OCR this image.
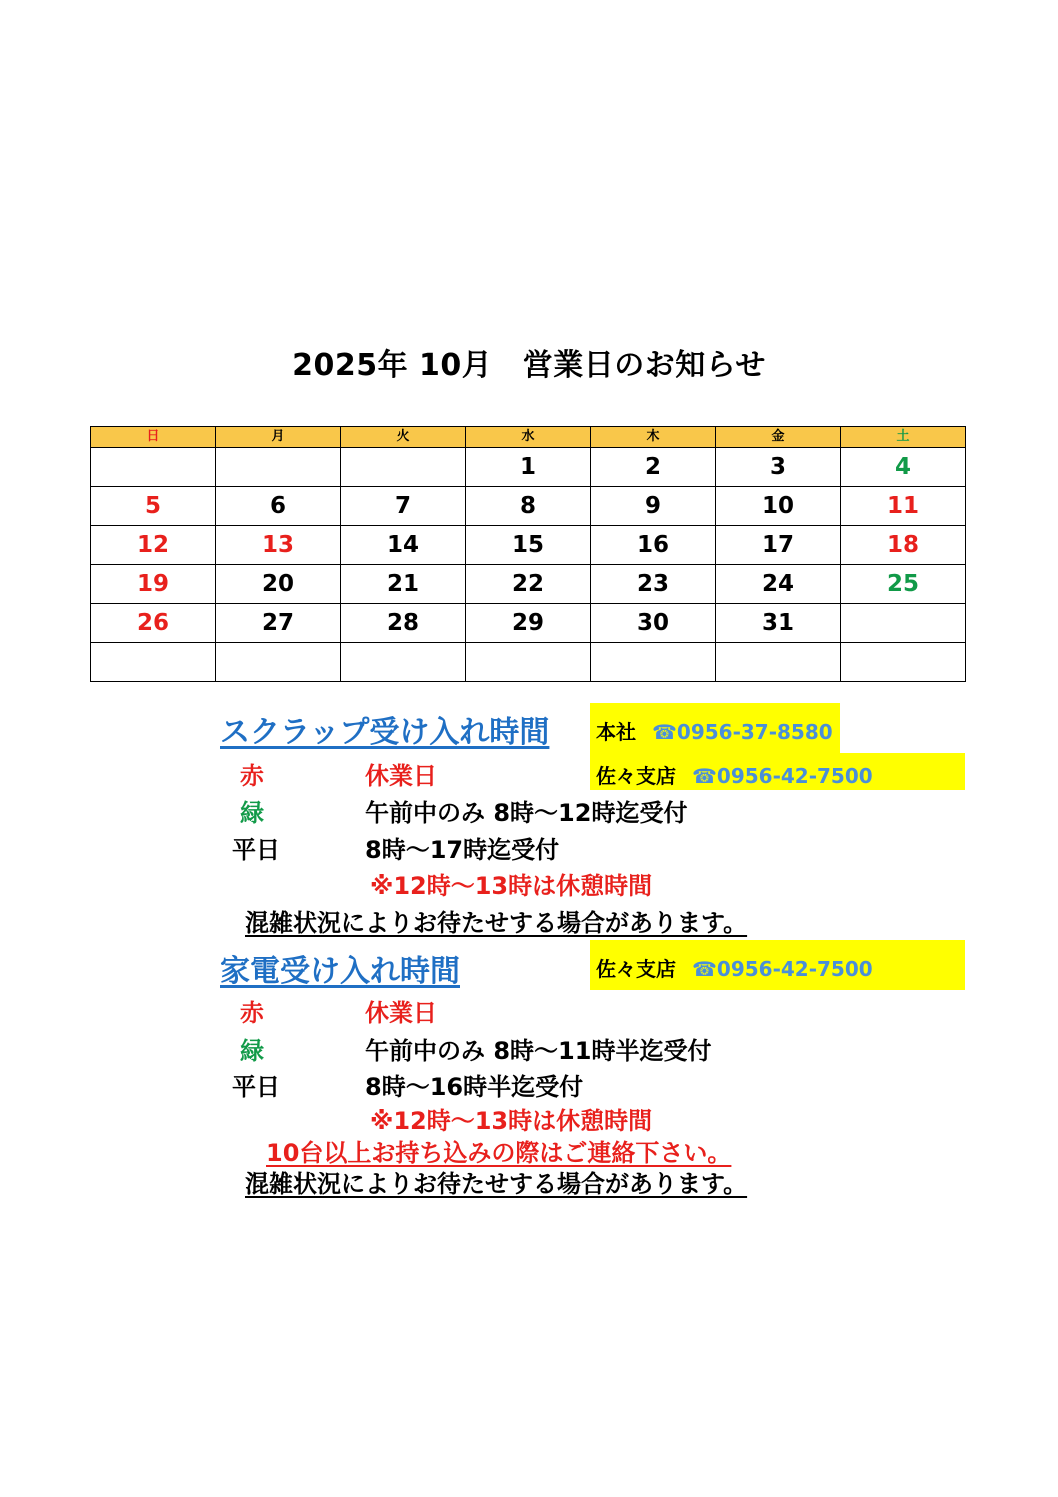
2025年 10月　営業日のお知らせ
日	月	火	水	木	金	土
			1	2	3	4
5	6	7	8	9	10	11
12	13	14	15	16	17	18
19	20	21	22	23	24	25
26	27	28	29	30	31	

スクラップ受け入れ時間 本社 ☎0956-37-8580
佐々支店 ☎0956-42-7500
赤	休業日
緑	午前中のみ 8時～12時迄受付
平日	8時～17時迄受付
※12時～13時は休憩時間
混雑状況によりお待たせする場合があります。
家電受け入れ時間	佐々支店 ☎0956-42-7500
赤	休業日
緑	午前中のみ 8時～11時半迄受付
平日	8時～16時半迄受付
※12時～13時は休憩時間
10台以上お持ち込みの際はご連絡下さい。
混雑状況によりお待たせする場合があります。
